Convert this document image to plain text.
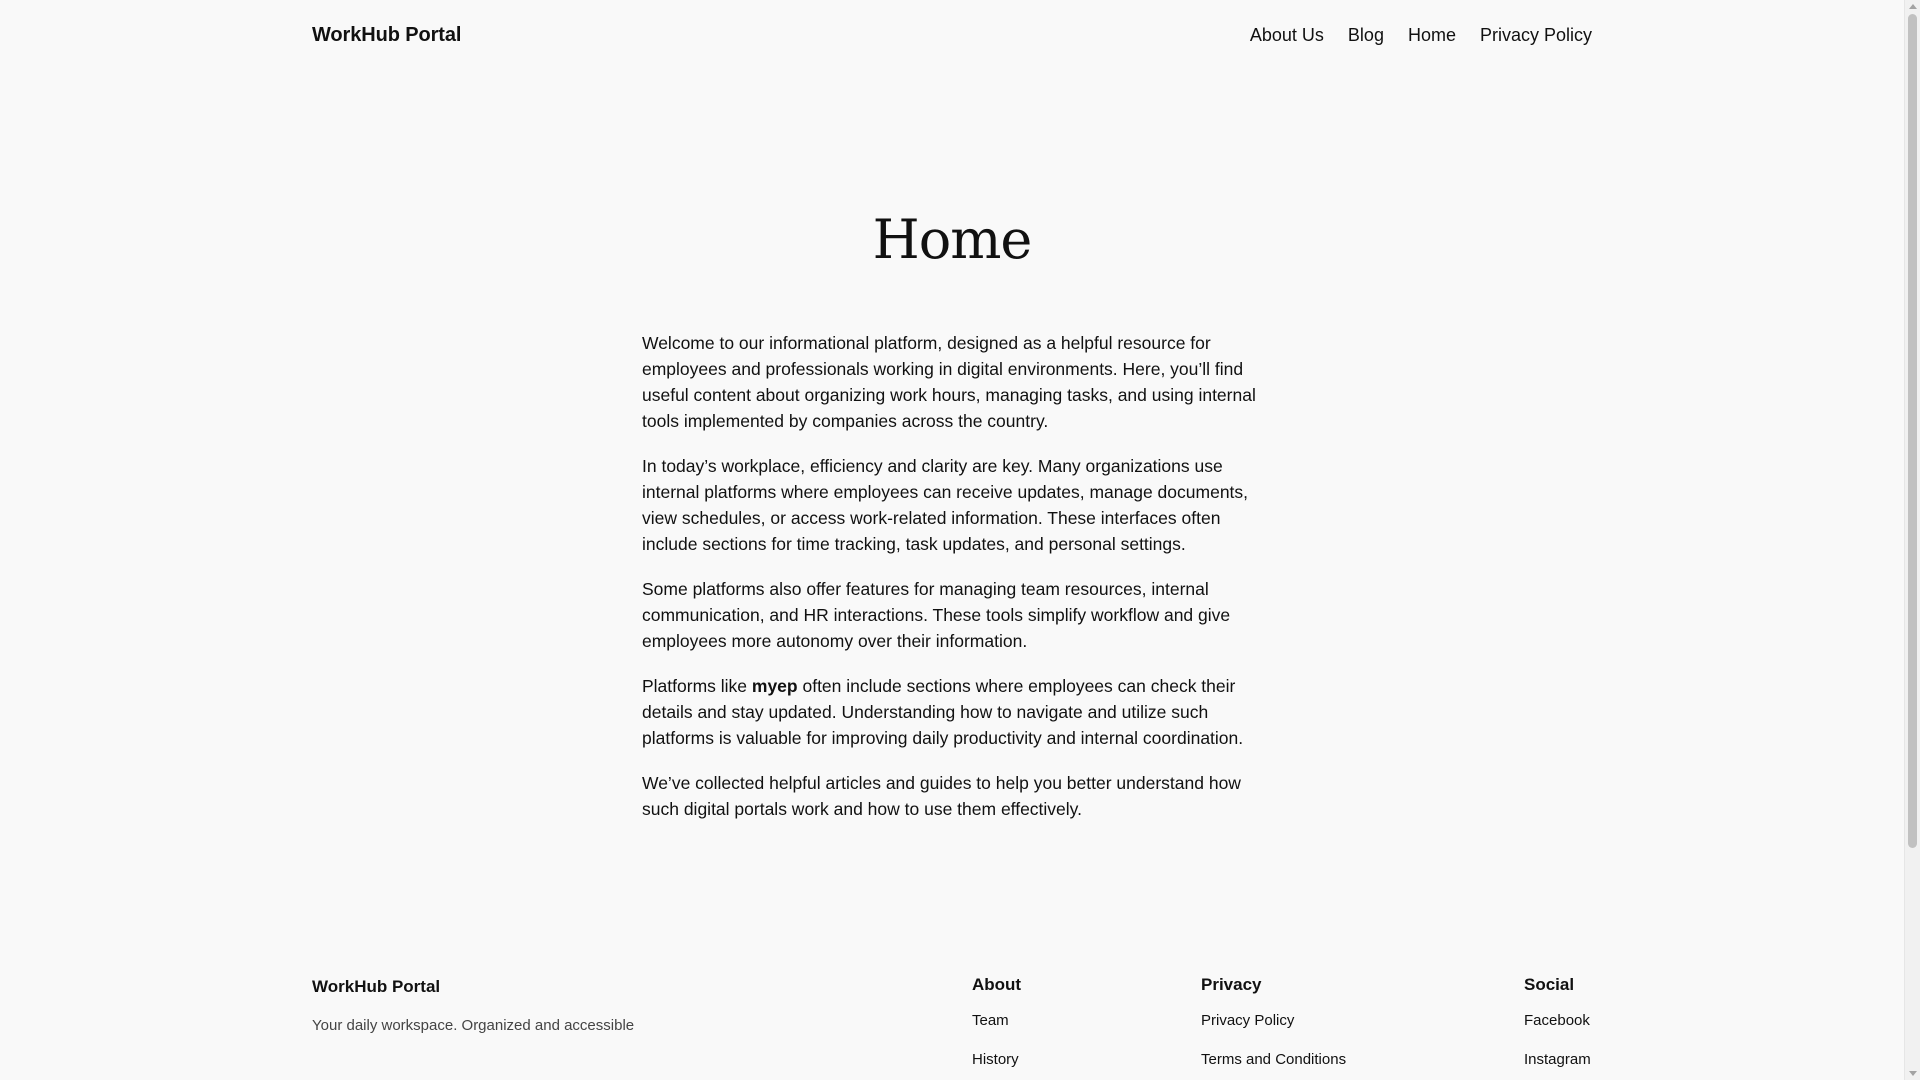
WorkHub Portal	About Us Blog Home Privacy Policy
Home

Welcome to our informational platform, designed as a helpful resource for employees and professionals working in digital environments. Here, you’ll find useful content about organizing work hours, managing tasks, and using internal tools implemented by companies across the country.

In today’s workplace, efficiency and clarity are key. Many organizations use internal platforms where employees can receive updates, manage documents, view schedules, or access work-related information. These interfaces often include sections for time tracking, task updates, and personal settings.

Some platforms also offer features for managing team resources, internal communication, and HR interactions. These tools simplify workflow and give employees more autonomy over their information.

Platforms like myep often include sections where employees can check their details and stay updated. Understanding how to navigate and utilize such platforms is valuable for improving daily productivity and internal coordination.

We’ve collected helpful articles and guides to help you better understand how such digital portals work and how to use them effectively.

WorkHub Portal
Your daily workspace. Organized and accessible
About
Team
History
Privacy
Privacy Policy
Terms and Conditions
Social
Facebook
Instagram
